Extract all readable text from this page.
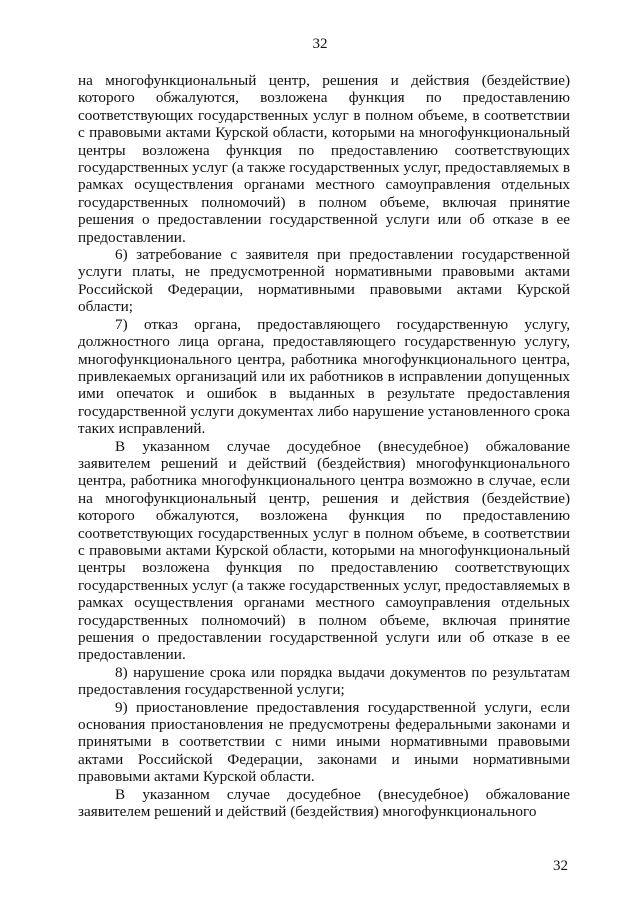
32

на многофункциональный центр, решения и действия (бездействие) которого обжалуются, возложена функция по предоставлению соответствующих государственных услуг в полном объеме, в соответствии с правовыми актами Курской области, которыми на многофункциональный центры возложена функция по предоставлению соответствующих государственных услуг (а также государственных услуг, предоставляемых в рамках осуществления органами местного самоуправления отдельных государственных полномочий) в полном объеме, включая принятие решения о предоставлении государственной услуги или об отказе в ее предоставлении.

6) затребование с заявителя при предоставлении государственной услуги платы, не предусмотренной нормативными правовыми актами Российской Федерации, нормативными правовыми актами Курской области;

7) отказ органа, предоставляющего государственную услугу, должностного лица органа, предоставляющего государственную услугу, многофункционального центра, работника многофункционального центра, привлекаемых организаций или их работников в исправлении допущенных ими опечаток и ошибок в выданных в результате предоставления государственной услуги документах либо нарушение установленного срока таких исправлений.

В указанном случае досудебное (внесудебное) обжалование заявителем решений и действий (бездействия) многофункционального центра, работника многофункционального центра возможно в случае, если на многофункциональный центр, решения и действия (бездействие) которого обжалуются, возложена функция по предоставлению соответствующих государственных услуг в полном объеме, в соответствии с правовыми актами Курской области, которыми на многофункциональный центры возложена функция по предоставлению соответствующих государственных услуг (а также государственных услуг, предоставляемых в рамках осуществления органами местного самоуправления отдельных государственных полномочий) в полном объеме, включая принятие решения о предоставлении государственной услуги или об отказе в ее предоставлении.

8) нарушение срока или порядка выдачи документов по результатам предоставления государственной услуги;

9) приостановление предоставления государственной услуги, если основания приостановления не предусмотрены федеральными законами и принятыми в соответствии с ними иными нормативными правовыми актами Российской Федерации, законами и иными нормативными правовыми актами Курской области.

В указанном случае досудебное (внесудебное) обжалование заявителем решений и действий (бездействия) многофункционального

32
